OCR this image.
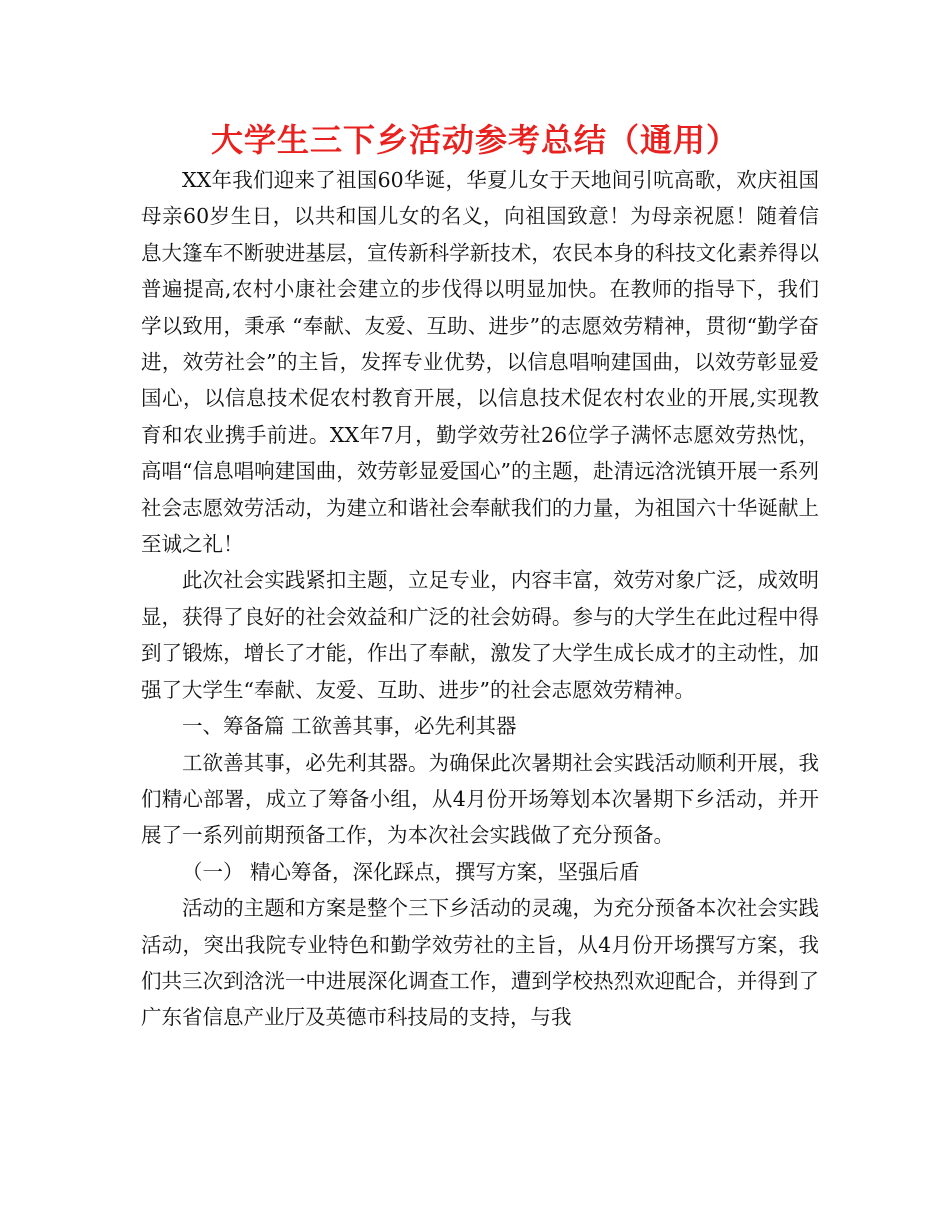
大学生三下乡活动参考总结（通用）

XX年我们迎来了祖国60华诞，华夏儿女于天地间引吭高歌，欢庆祖国母亲60岁生日，以共和国儿女的名义，向祖国致意！为母亲祝愿！随着信息大篷车不断驶进基层，宣传新科学新技术，农民本身的科技文化素养得以普遍提高,农村小康社会建立的步伐得以明显加快。在教师的指导下，我们学以致用，秉承 “奉献、友爱、互助、进步”的志愿效劳精神，贯彻“勤学奋进，效劳社会”的主旨，发挥专业优势，以信息唱响建国曲，以效劳彰显爱国心，以信息技术促农村教育开展，以信息技术促农村农业的开展,实现教育和农业携手前进。XX年7月，勤学效劳社26位学子满怀志愿效劳热忱，高唱“信息唱响建国曲，效劳彰显爱国心”的主题，赴清远浛洸镇开展一系列社会志愿效劳活动，为建立和谐社会奉献我们的力量，为祖国六十华诞献上至诚之礼！

此次社会实践紧扣主题，立足专业，内容丰富，效劳对象广泛，成效明显，获得了良好的社会效益和广泛的社会妨碍。参与的大学生在此过程中得到了锻炼，增长了才能，作出了奉献，激发了大学生成长成才的主动性，加强了大学生“奉献、友爱、互助、进步”的社会志愿效劳精神。

一、筹备篇 工欲善其事，必先利其器

工欲善其事，必先利其器。为确保此次暑期社会实践活动顺利开展，我们精心部署，成立了筹备小组，从4月份开场筹划本次暑期下乡活动，并开展了一系列前期预备工作，为本次社会实践做了充分预备。

（一） 精心筹备，深化踩点，撰写方案，坚强后盾

活动的主题和方案是整个三下乡活动的灵魂，为充分预备本次社会实践活动，突出我院专业特色和勤学效劳社的主旨，从4月份开场撰写方案，我们共三次到浛洸一中进展深化调查工作，遭到学校热烈欢迎配合，并得到了广东省信息产业厅及英德市科技局的支持，与我
